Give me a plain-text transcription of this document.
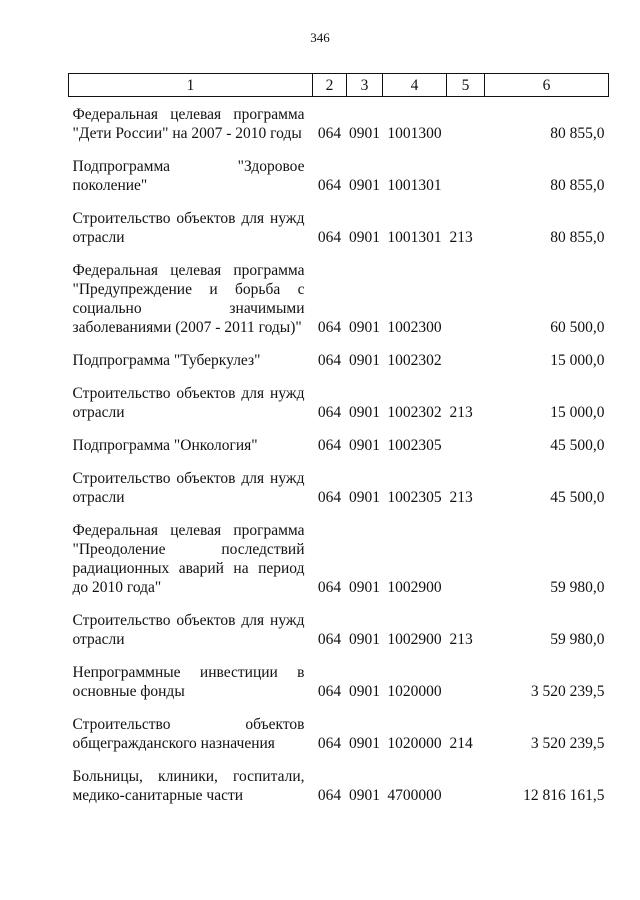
346
1	2	3	4	5	6
Федеральная целевая программа "Дети России" на 2007 - 2010 годы	064	0901	1001300		80 855,0
Подпрограмма "Здоровое поколение"	064	0901	1001301		80 855,0
Строительство объектов для нужд отрасли	064	0901	1001301	213	80 855,0
Федеральная целевая программа "Предупреждение и борьба с социально значимыми заболеваниями (2007 - 2011 годы)"	064	0901	1002300		60 500,0
Подпрограмма "Туберкулез"	064	0901	1002302		15 000,0
Строительство объектов для нужд отрасли	064	0901	1002302	213	15 000,0
Подпрограмма "Онкология"	064	0901	1002305		45 500,0
Строительство объектов для нужд отрасли	064	0901	1002305	213	45 500,0
Федеральная целевая программа "Преодоление последствий радиационных аварий на период до 2010 года"	064	0901	1002900		59 980,0
Строительство объектов для нужд отрасли	064	0901	1002900	213	59 980,0
Непрограммные инвестиции в основные фонды	064	0901	1020000		3 520 239,5
Строительство объектов общегражданского назначения	064	0901	1020000	214	3 520 239,5
Больницы, клиники, госпитали, медико-санитарные части	064	0901	4700000		12 816 161,5
